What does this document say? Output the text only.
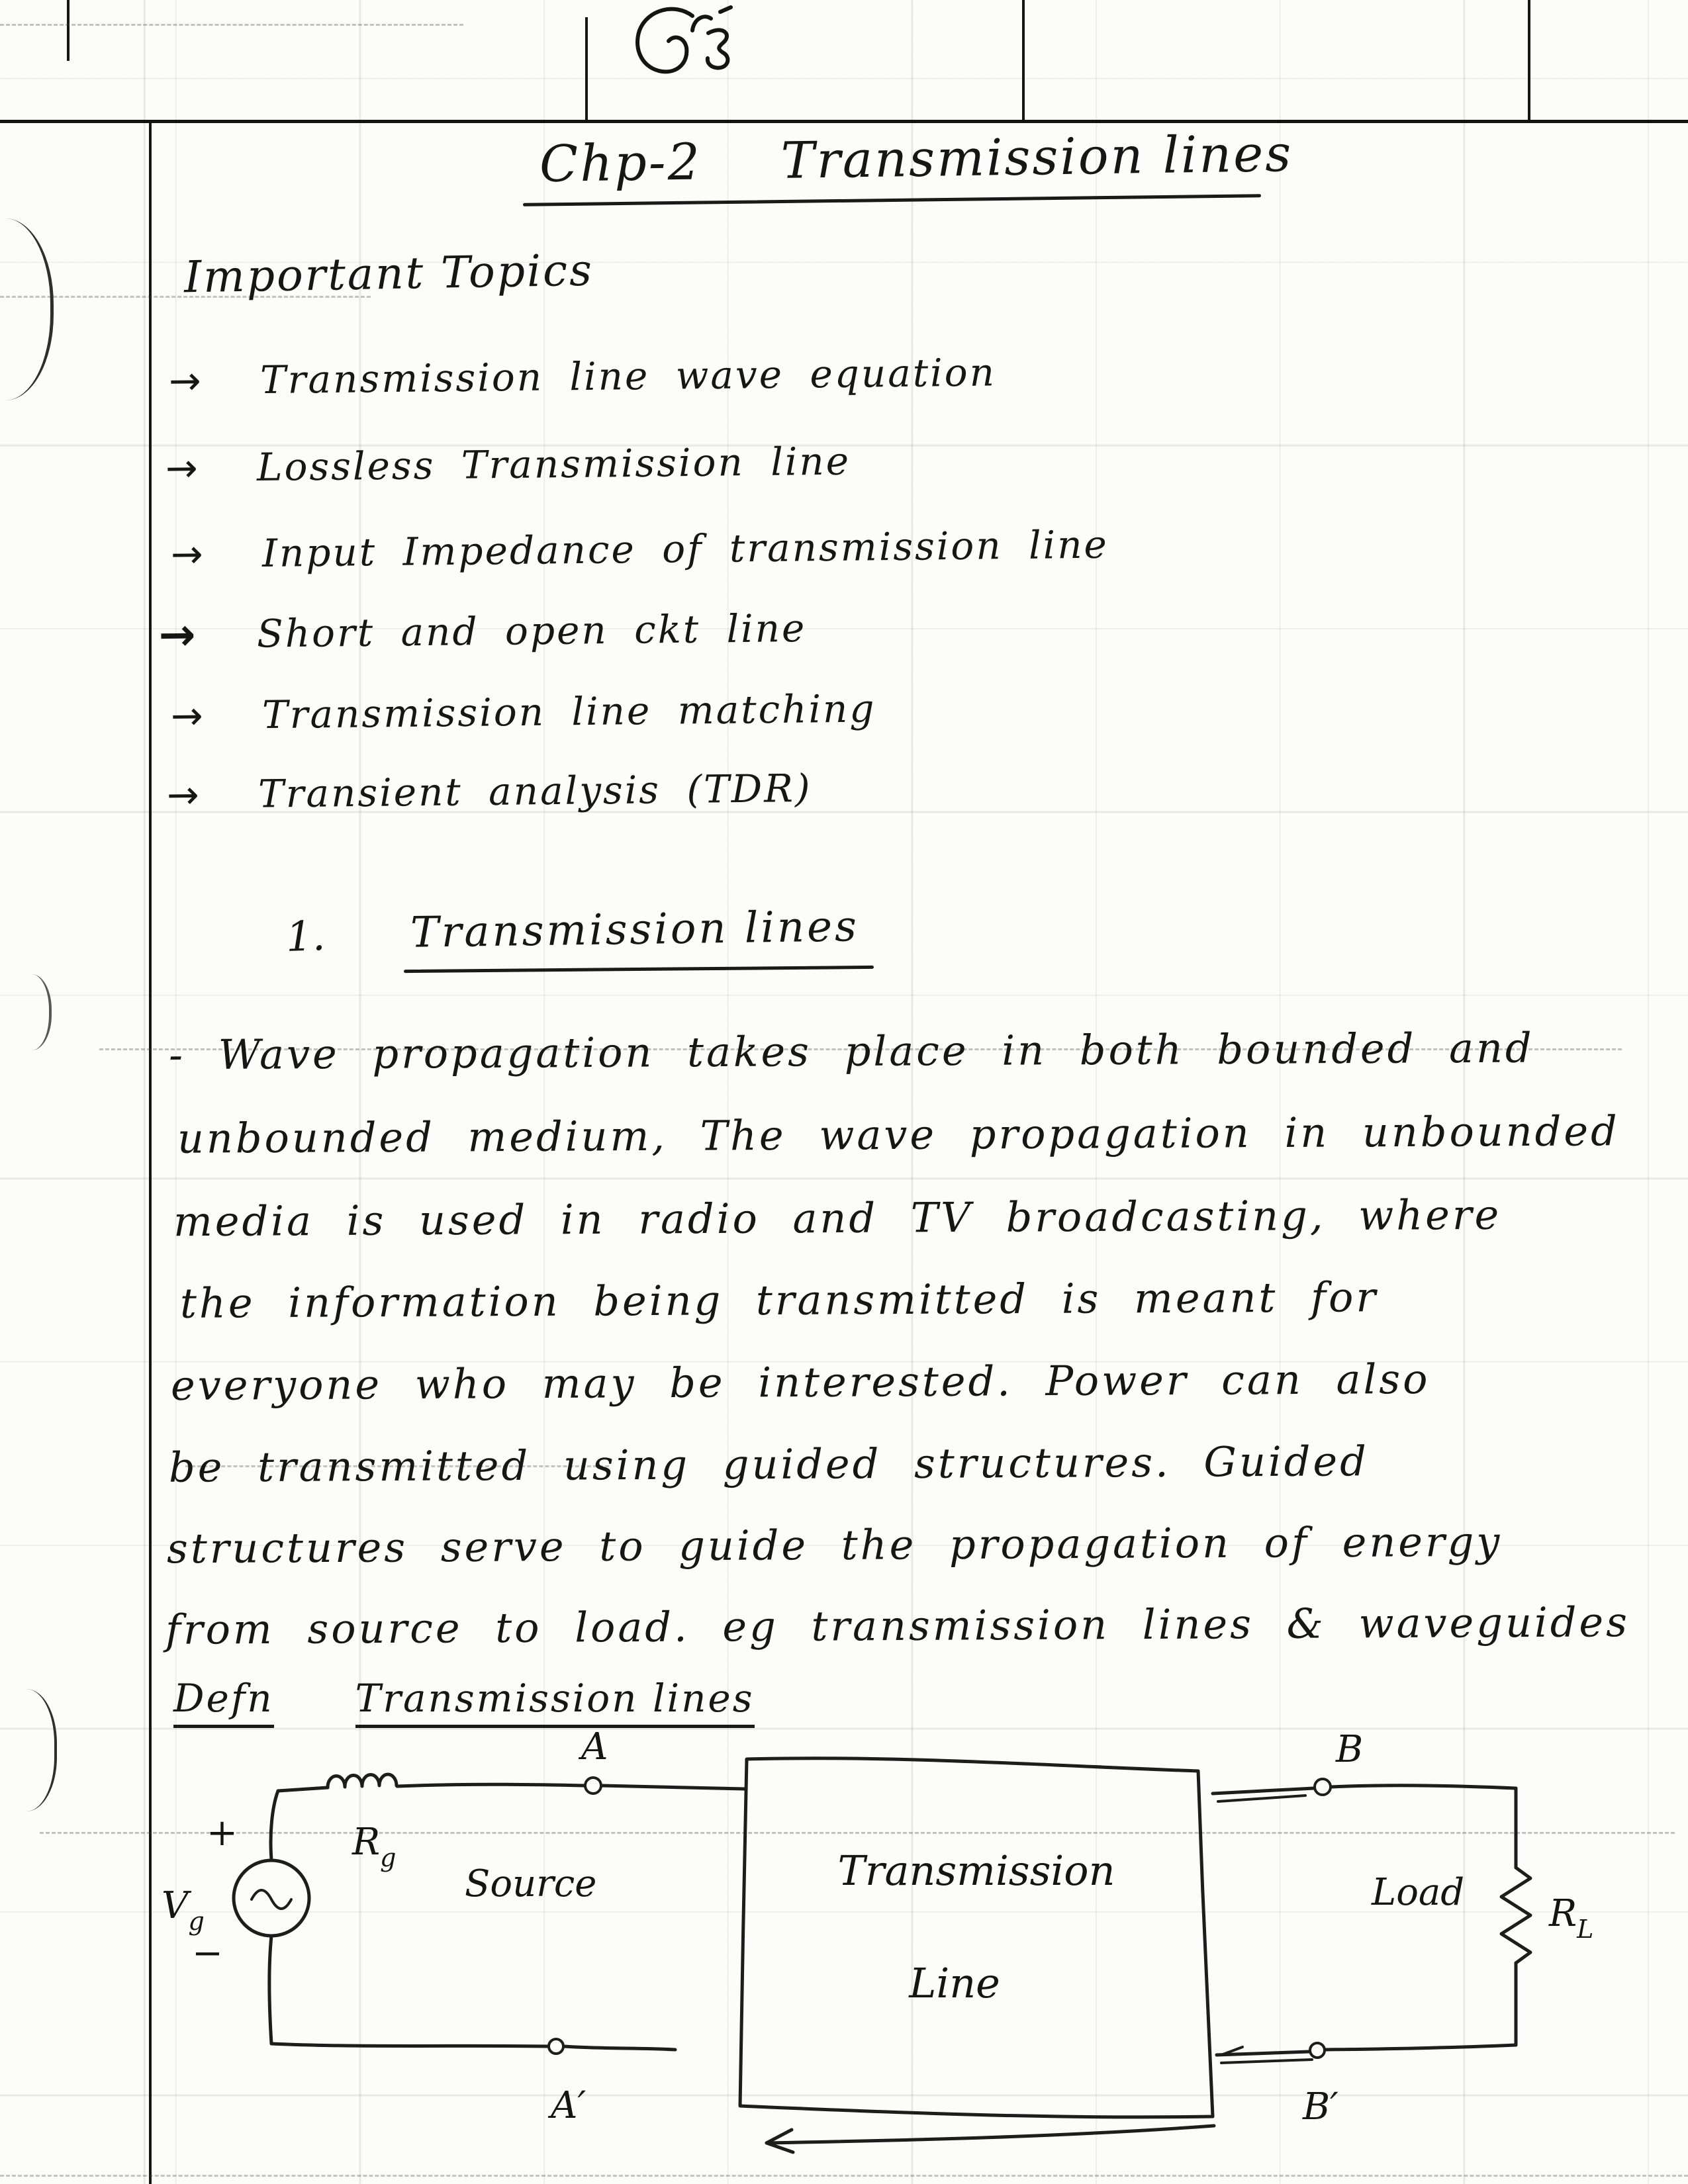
Chp-2 Transmission lines
Important Topics
→	Transmission line wave equation
→	Lossless Transmission line
→	Input Impedance of transmission line
→	Short and open ckt line
→	Transmission line matching
→	Transient analysis (TDR)
1. Transmission lines
- Wave propagation takes place in both bounded and
unbounded medium, The wave propagation in unbounded
media is used in radio and TV broadcasting, where
the information being transmitted is meant for
everyone who may be interested. Power can also
be transmitted using guided structures. Guided
structures serve to guide the propagation of energy
from source to load. eg transmission lines & waveguides
Defn Transmission lines
+
−
$V_g$
$R_g$
A
Source
A′
Transmission
Line
B
Load $R_L$
B′
